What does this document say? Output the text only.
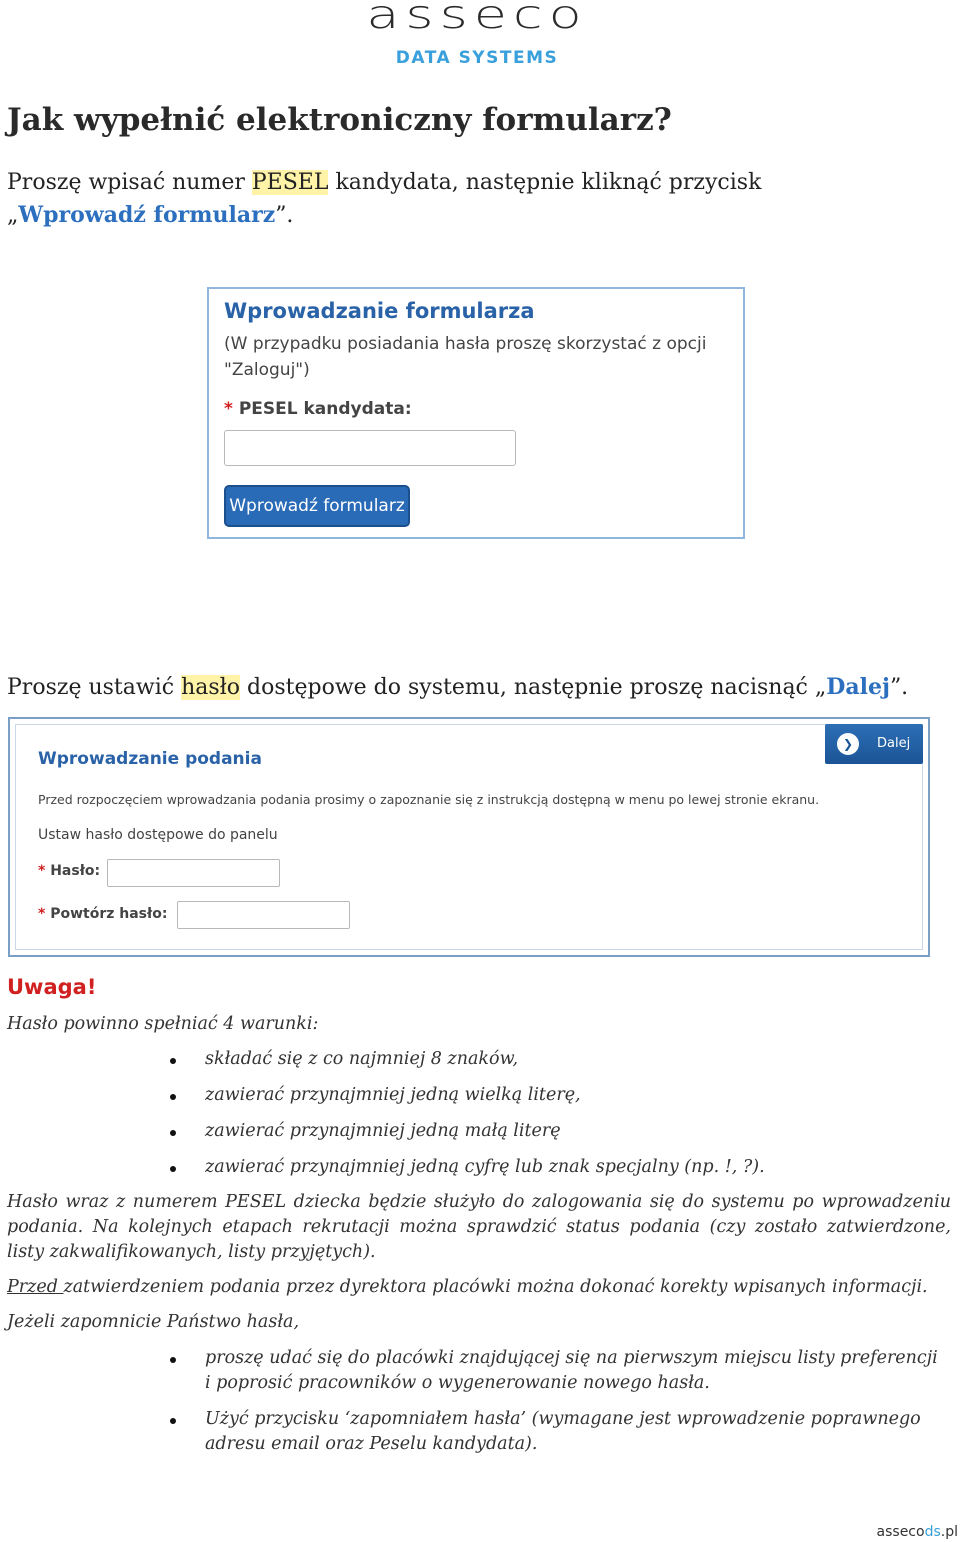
asseco
DATA SYSTEMS
Jak wypełnić elektroniczny formularz?
Proszę wpisać numer PESEL kandydata, następnie kliknąć przycisk
„Wprowadź formularz”.
Wprowadzanie formularza
(W przypadku posiadania hasła proszę skorzystać z opcji "Zaloguj")
* PESEL kandydata:
Wprowadź formularz
Proszę ustawić hasło dostępowe do systemu, następnie proszę nacisnąć „Dalej”.
Wprowadzanie podania
Przed rozpoczęciem wprowadzania podania prosimy o zapoznanie się z instrukcją dostępną w menu po lewej stronie ekranu.
Ustaw hasło dostępowe do panelu
* Hasło:
* Powtórz hasło:
❯	Dalej
Uwaga!
Hasło powinno spełniać 4 warunki:
składać się z co najmniej 8 znaków,
zawierać przynajmniej jedną wielką literę,
zawierać przynajmniej jedną małą literę
zawierać przynajmniej jedną cyfrę lub znak specjalny (np. !, ?).
Hasło wraz z numerem PESEL dziecka będzie służyło do zalogowania się do systemu po wprowadzeniu
podania. Na kolejnych etapach rekrutacji można sprawdzić status podania (czy zostało zatwierdzone,
listy zakwalifikowanych, listy przyjętych).
Przed zatwierdzeniem podania przez dyrektora placówki można dokonać korekty wpisanych informacji.
Jeżeli zapomnicie Państwo hasła,
proszę udać się do placówki znajdującej się na pierwszym miejscu listy preferencji
i poprosić pracowników o wygenerowanie nowego hasła.
Użyć przycisku ‘zapomniałem hasła’ (wymagane jest wprowadzenie poprawnego
adresu email oraz Peselu kandydata).
assecods.pl
